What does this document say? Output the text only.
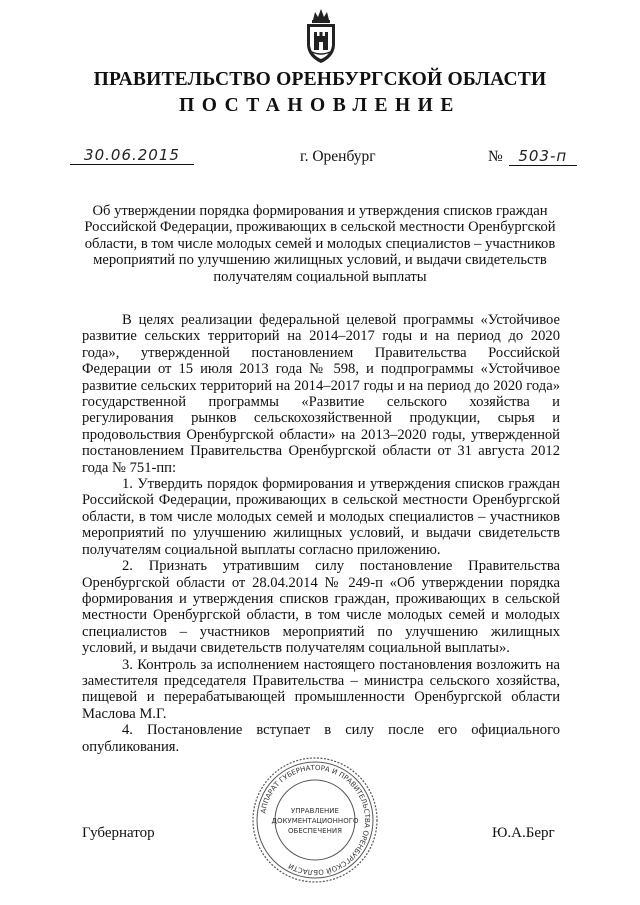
ПРАВИТЕЛЬСТВО ОРЕНБУРГСКОЙ ОБЛАСТИ
ПОСТАНОВЛЕНИЕ
30.06.2015	г. Оренбург	№ 503-п
Об утверждении порядка формирования и утверждения списков граждан Российской Федерации, проживающих в сельской местности Оренбургской области, в том числе молодых семей и молодых специалистов – участников мероприятий по улучшению жилищных условий, и выдачи свидетельств получателям социальной выплаты

В целях реализации федеральной целевой программы «Устойчивое развитие сельских территорий на 2014–2017 годы и на период до 2020 года», утвержденной постановлением Правительства Российской Федерации от 15 июля 2013 года № 598, и подпрограммы «Устойчивое развитие сельских территорий на 2014–2017 годы и на период до 2020 года» государственной программы «Развитие сельского хозяйства и регулирования рынков сельскохозяйственной продукции, сырья и продовольствия Оренбургской области» на 2013–2020 годы, утвержденной постановлением Правительства Оренбургской области от 31 августа 2012 года № 751-пп:

1. Утвердить порядок формирования и утверждения списков граждан Российской Федерации, проживающих в сельской местности Оренбургской области, в том числе молодых семей и молодых специалистов – участников мероприятий по улучшению жилищных условий, и выдачи свидетельств получателям социальной выплаты согласно приложению.

2. Признать утратившим силу постановление Правительства Оренбургской области от 28.04.2014 № 249-п «Об утверждении порядка формирования и утверждения списков граждан, проживающих в сельской местности Оренбургской области, в том числе молодых семей и молодых специалистов – участников мероприятий по улучшению жилищных условий, и выдачи свидетельств получателям социальной выплаты».

3. Контроль за исполнением настоящего постановления возложить на заместителя председателя Правительства – министра сельского хозяйства, пищевой и перерабатывающей промышленности Оренбургской области Маслова М.Г.

4. Постановление вступает в силу после его официального опубликования.

Губернатор	Ю.А.Берг
АППАРАТ ГУБЕРНАТОРА И ПРАВИТЕЛЬСТВА ОРЕНБУРГСКОЙ ОБЛАСТИ
УПРАВЛЕНИЕ
ДОКУМЕНТАЦИОННОГО
ОБЕСПЕЧЕНИЯ
